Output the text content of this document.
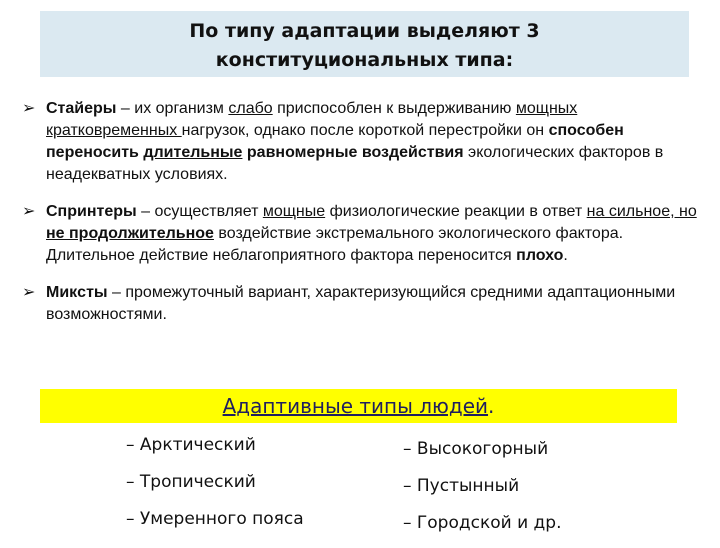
По типу адаптации выделяют 3
конституциональных типа:
➢ Стайеры – их организм слабо приспособлен к выдерживанию мощных кратковременных нагрузок, однако после короткой перестройки он способен переносить длительные равномерные воздействия экологических факторов в неадекватных условиях.

➢ Спринтеры – осуществляет мощные физиологические реакции в ответ на сильное, но не продолжительное воздействие экстремального экологического фактора. Длительное действие неблагоприятного фактора переносится плохо.

➢ Микcты – промежуточный вариант, характеризующийся средними адаптационными возможностями.

Адаптивные типы людей.
– Арктический
– Тропический
– Умеренного пояса
– Высокогорный
– Пустынный
– Городской и др.
